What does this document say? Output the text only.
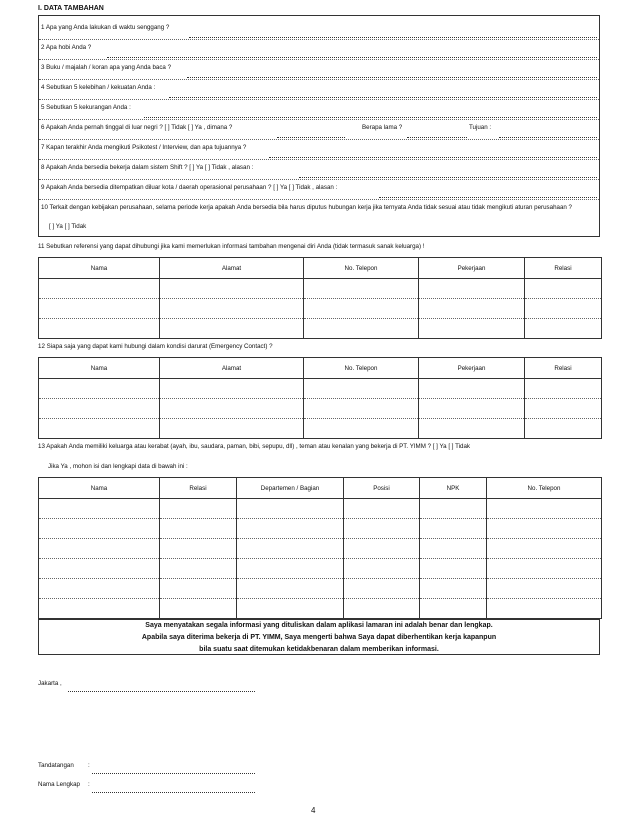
I. DATA TAMBAHAN
1 Apa yang Anda lakukan di waktu senggang ?
2 Apa hobi Anda ?
3 Buku / majalah / koran apa yang Anda baca ?
4 Sebutkan 5 kelebihan / kekuatan Anda :
5 Sebutkan 5 kekurangan Anda :
6 Apakah Anda pernah tinggal di luar negri ? [ ] Tidak [ ] Ya , dimana ?	Berapa lama ?	Tujuan :
7 Kapan terakhir Anda mengikuti Psikotest / Interview, dan apa tujuannya ?
8 Apakah Anda bersedia bekerja dalam sistem Shift ? [ ] Ya [ ] Tidak , alasan :
9 Apakah Anda bersedia ditempatkan diluar kota / daerah operasional perusahaan ? [ ] Ya [ ] Tidak , alasan :
10 Terkait dengan kebijakan perusahaan, selama periode kerja apakah Anda bersedia bila harus diputus hubungan kerja jika ternyata Anda tidak sesuai atau tidak mengikuti aturan perusahaan ?
[ ] Ya [ ] Tidak
11 Sebutkan referensi yang dapat dihubungi jika kami memerlukan informasi tambahan mengenai diri Anda (tidak termasuk sanak keluarga) !
Nama	Alamat	No. Telepon	Pekerjaan	Relasi

12 Siapa saja yang dapat kami hubungi dalam kondisi darurat (Emergency Contact) ?
Nama	Alamat	No. Telepon	Pekerjaan	Relasi

13 Apakah Anda memiliki keluarga atau kerabat (ayah, ibu, saudara, paman, bibi, sepupu, dll) , teman atau kenalan yang bekerja di PT. YIMM ? [ ] Ya [ ] Tidak
Jika Ya , mohon isi dan lengkapi data di bawah ini :
Nama	Relasi	Departemen / Bagian	Posisi	NPK	No. Telepon

Saya menyatakan segala informasi yang dituliskan dalam aplikasi lamaran ini adalah benar dan lengkap.
Apabila saya diterima bekerja di PT. YIMM, Saya mengerti bahwa Saya dapat diberhentikan kerja kapanpun
bila suatu saat ditemukan ketidakbenaran dalam memberikan informasi.
Jakarta ,
Tandatangan :
Nama Lengkap :
4
